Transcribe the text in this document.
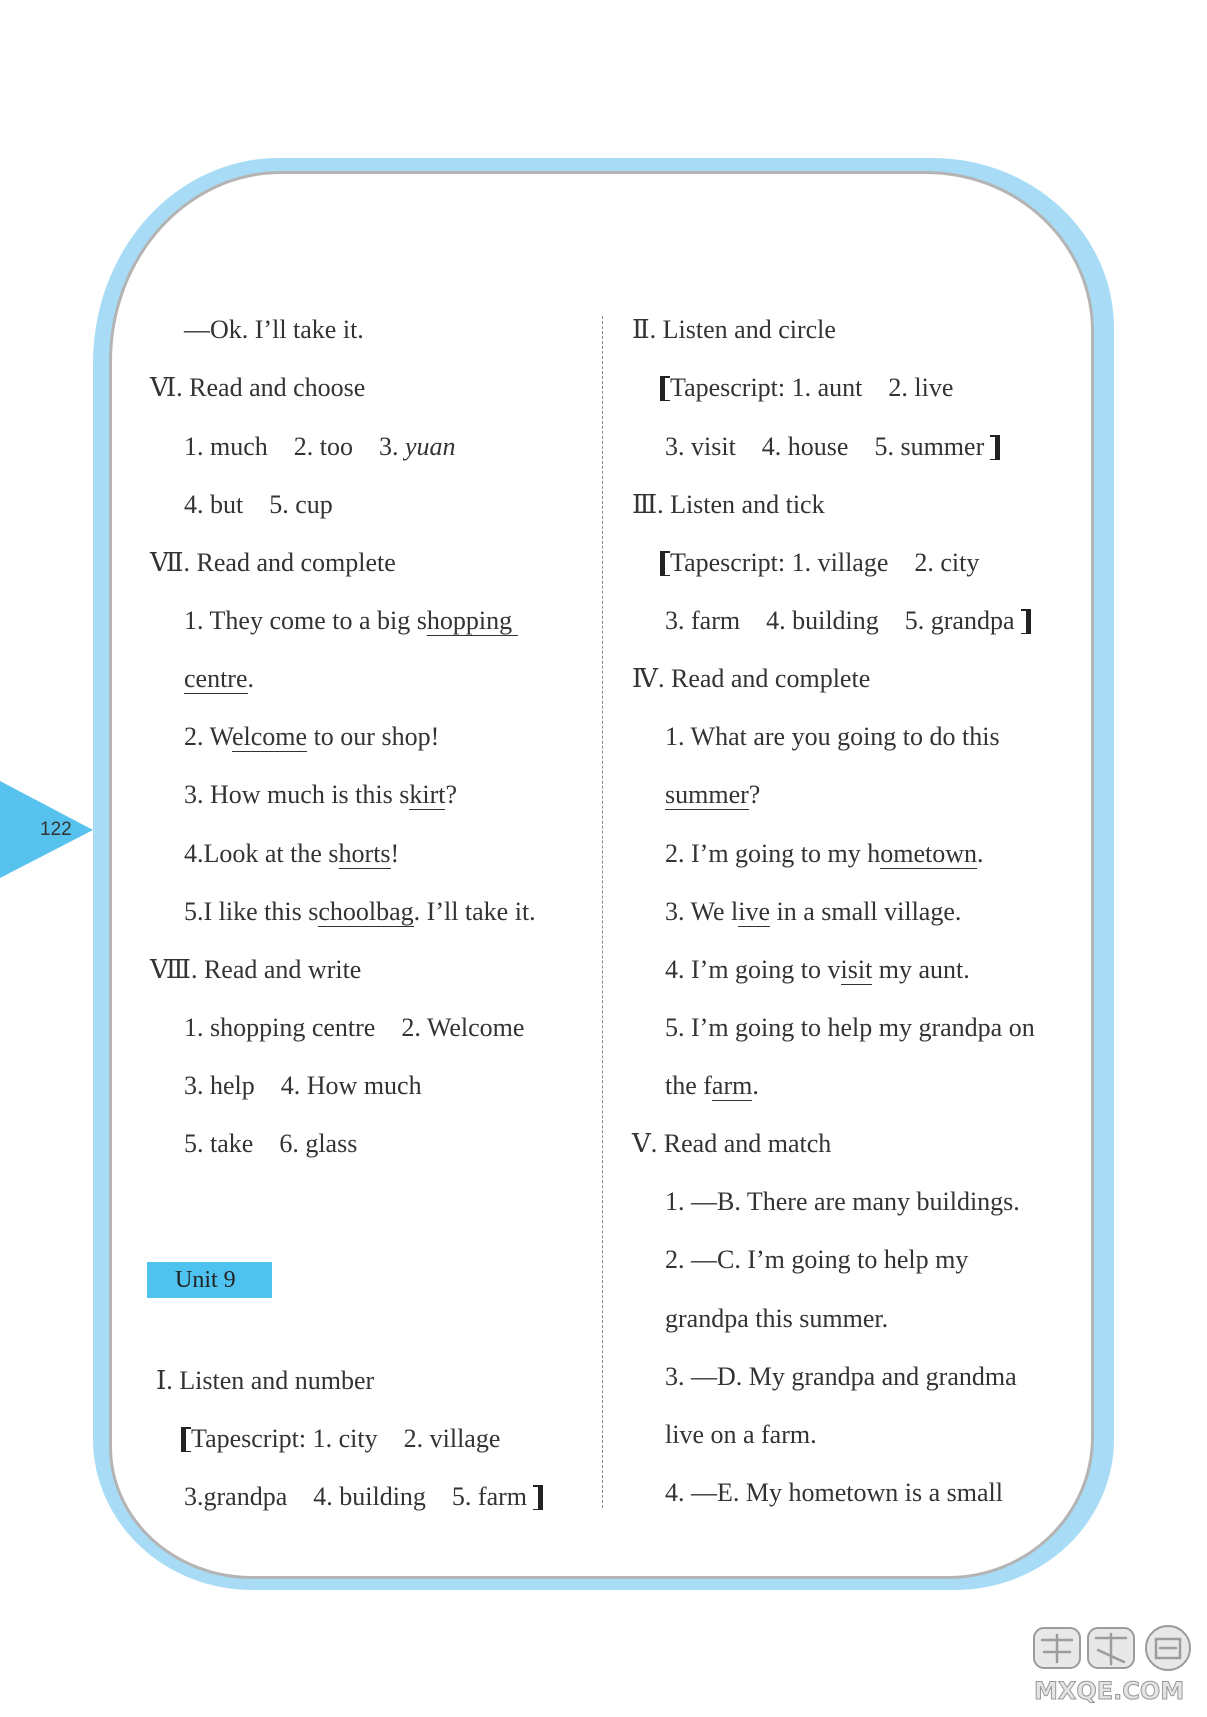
122
—Ok. I’ll take it.
Ⅵ. Read and choose
1. much 2. too 3. yuan
4. but 5. cup
Ⅶ. Read and complete
1. They come to a big shopping
centre.
2. Welcome to our shop!
3. How much is this skirt?
4.Look at the shorts!
5.I like this schoolbag. I’ll take it.
Ⅷ. Read and write
1. shopping centre 2. Welcome
3. help 4. How much
5. take 6. glass
Unit 9
Ⅰ. Listen and number
Tapescript: 1. city 2. village
3.grandpa 4. building 5. farm
Ⅱ. Listen and circle
Tapescript: 1. aunt 2. live
3. visit 4. house 5. summer
Ⅲ. Listen and tick
Tapescript: 1. village 2. city
3. farm 4. building 5. grandpa
Ⅳ. Read and complete
1. What are you going to do this
summer?
2. I’m going to my hometown.
3. We live in a small village.
4. I’m going to visit my aunt.
5. I’m going to help my grandpa on
the farm.
Ⅴ. Read and match
1. —B. There are many buildings.
2. —C. I’m going to help my
grandpa this summer.
3. —D. My grandpa and grandma
live on a farm.
4. —E. My hometown is a small
MXQE.COM
